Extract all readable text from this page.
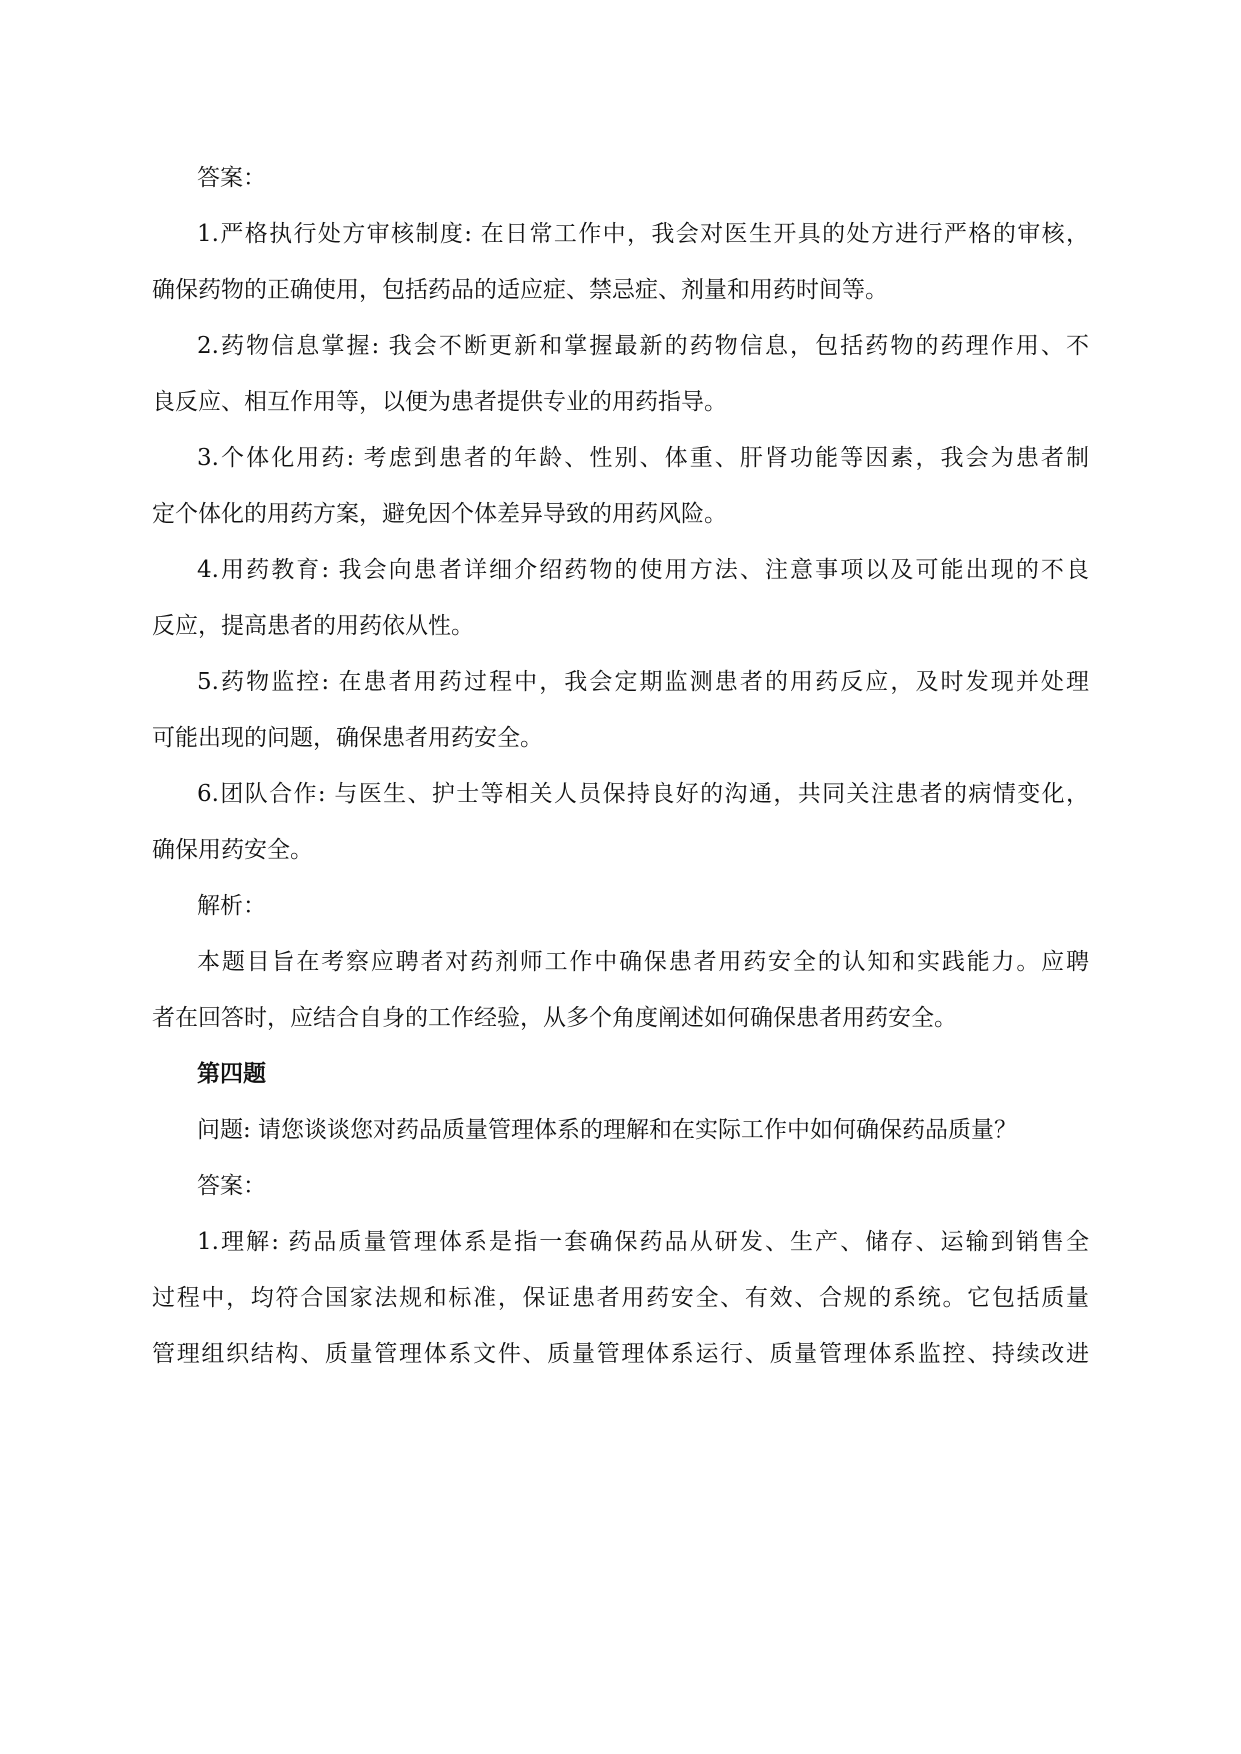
答案：
1.严格执行处方审核制度: 在日常工作中，我会对医生开具的处方进行严格的审核，
确保药物的正确使用，包括药品的适应症、禁忌症、剂量和用药时间等。
2.药物信息掌握: 我会不断更新和掌握最新的药物信息，包括药物的药理作用、不
良反应、相互作用等，以便为患者提供专业的用药指导。
3.个体化用药: 考虑到患者的年龄、性别、体重、肝肾功能等因素，我会为患者制
定个体化的用药方案，避免因个体差异导致的用药风险。
4.用药教育: 我会向患者详细介绍药物的使用方法、注意事项以及可能出现的不良
反应，提高患者的用药依从性。
5.药物监控: 在患者用药过程中，我会定期监测患者的用药反应，及时发现并处理
可能出现的问题，确保患者用药安全。
6.团队合作: 与医生、护士等相关人员保持良好的沟通，共同关注患者的病情变化，
确保用药安全。
解析：
本题目旨在考察应聘者对药剂师工作中确保患者用药安全的认知和实践能力。应聘
者在回答时，应结合自身的工作经验，从多个角度阐述如何确保患者用药安全。
第四题
问题: 请您谈谈您对药品质量管理体系的理解和在实际工作中如何确保药品质量？
答案：
1.理解: 药品质量管理体系是指一套确保药品从研发、生产、储存、运输到销售全
过程中，均符合国家法规和标准，保证患者用药安全、有效、合规的系统。它包括质量
管理组织结构、质量管理体系文件、质量管理体系运行、质量管理体系监控、持续改进
